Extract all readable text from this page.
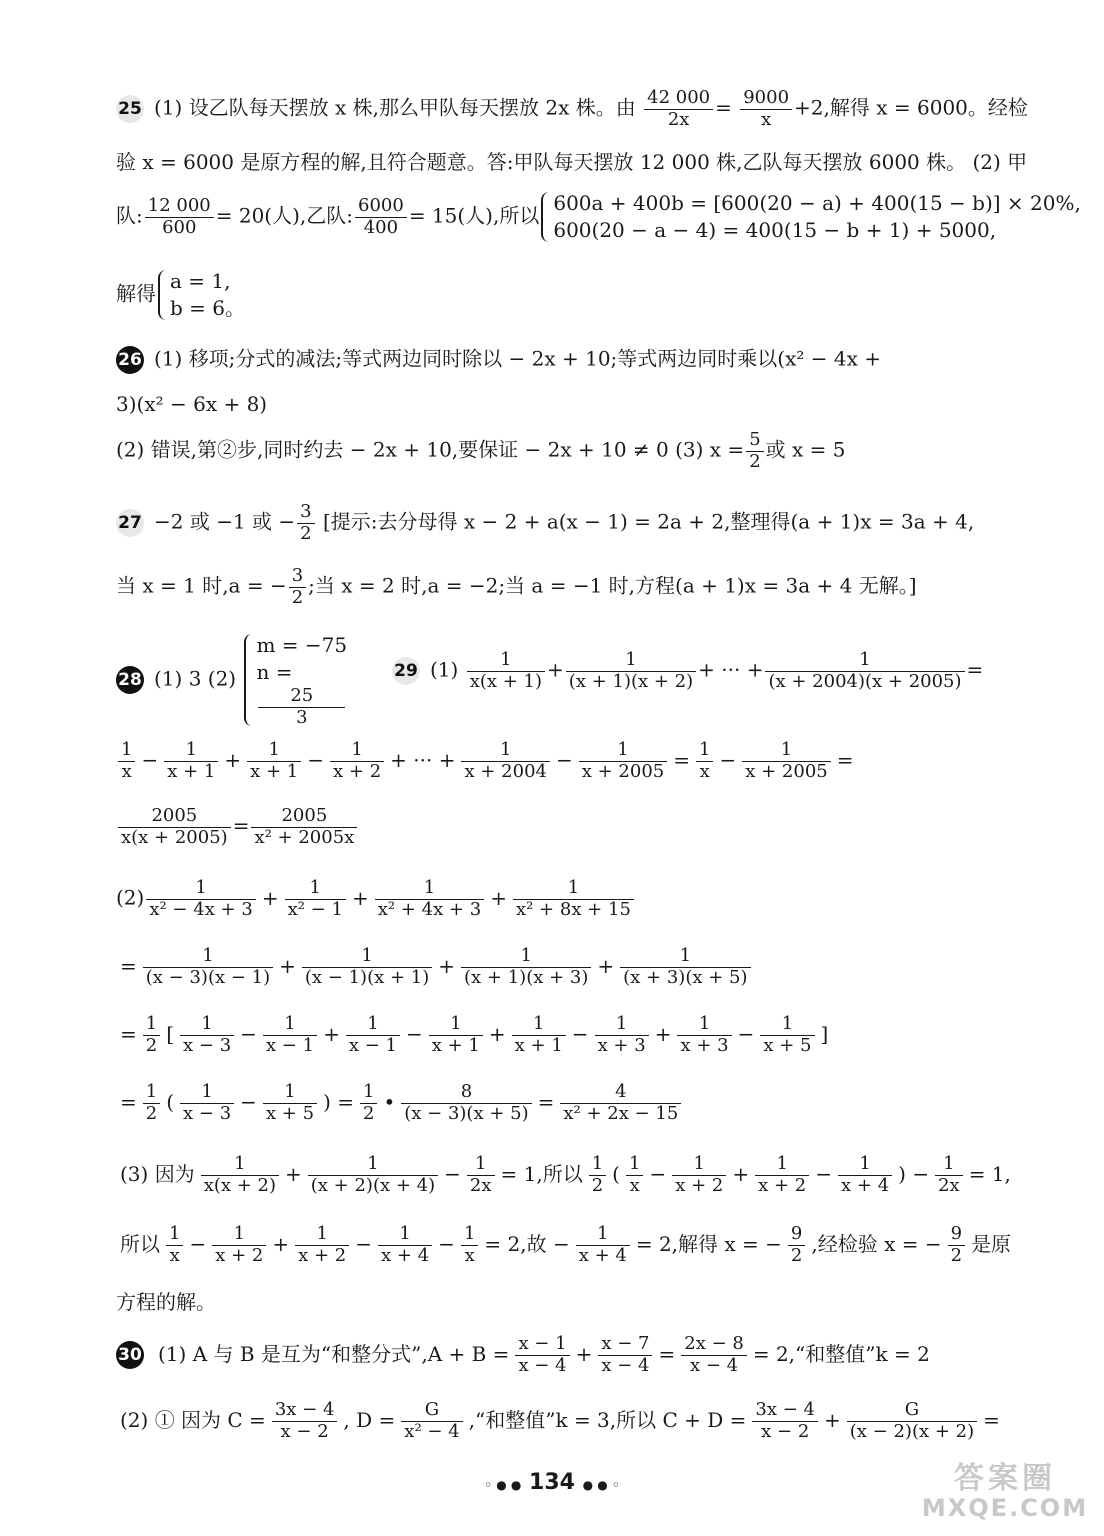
25 (1) 设乙队每天摆放 x 株,那么甲队每天摆放 2x 株。由 $\frac{42 000}{2x} = \frac{9000}{x} +2$,解得 x = 6000。经检
验 x = 6000 是原方程的解,且符合题意。答:甲队每天摆放 12 000 株,乙队每天摆放 6000 株。 (2) 甲
队: $\frac{12 000}{600} = 20$(人),乙队: $\frac{6000}{400} = 15$(人),所以
600a + 400b = [600(20 − a) + 400(15 − b)] × 20%,
600(20 − a − 4) = 400(15 − b + 1) + 5000,
解得
a = 1,
b = 6。
26 (1) 移项;分式的减法;等式两边同时除以 − 2x + 10;等式两边同时乘以(x² − 4x +
3)(x² − 6x + 8)
(2) 错误,第②步,同时约去 − 2x + 10,要保证 − 2x + 10 ≠ 0 (3) $x = \frac{5}{2}$ 或 x = 5
27 −2 或 −1 或 − $\frac{3}{2}$ [提示:去分母得 x − 2 + a(x − 1) = 2a + 2,整理得(a + 1)x = 3a + 4,
当 x = 1 时,a = − $\frac{3}{2}$ ;当 x = 2 时,a = −2;当 a = −1 时,方程(a + 1)x = 3a + 4 无解。]
28 (1) 3 (2)
m = −75
n =
25
3
29 $(1) \frac{1}{x(x + 1)} + \frac{1}{(x + 1)(x + 2)}$ + ··· + $\frac{1}{(x + 2004)(x + 2005)}$ =
$\frac{1}{x} - \frac{1}{x + 1} + \frac{1}{x + 1} - \frac{1}{x + 2}$ + ··· + $\frac{1}{x + 2004} - \frac{1}{x + 2005} = \frac{1}{x} - \frac{1}{x + 2005}$ =
$\frac{2005}{x(x + 2005)} = \frac{2005}{\text{x² + 2005x}}$
$(2) \frac{1}{\text{x² − 4x + 3}} + \frac{1}{\text{x² − 1}} + \frac{1}{\text{x² + 4x + 3}} + \frac{1}{\text{x² + 8x + 15}}$
= $\frac{1}{(x - 3)(x - 1)} + \frac{1}{(x - 1)(x + 1)} + \frac{1}{(x + 1)(x + 3)} + \frac{1}{(x + 3)(x + 5)}$
= $\frac{1}{2}$ [ $\frac{1}{x - 3} - \frac{1}{x - 1} + \frac{1}{x - 1} - \frac{1}{x + 1} + \frac{1}{x + 1} - \frac{1}{x + 3} + \frac{1}{x + 3} - \frac{1}{x + 5}$ ]
= $\frac{1}{2}$ ( $\frac{1}{x - 3} - \frac{1}{x + 5}$ ) = $\frac{1}{2}$ • $\frac{8}{(x - 3)(x + 5)} = \frac{4}{\text{x² + 2x − 15}}$
(3) 因为 $\frac{1}{x(x + 2)} + \frac{1}{(x + 2)(x + 4)} - \frac{1}{2x} = 1$,所以 $\frac{1}{2}$ ( $\frac{1}{x} - \frac{1}{x + 2} + \frac{1}{x + 2} - \frac{1}{x + 4}$ ) − $\frac{1}{2x} = 1$,
所以 $\frac{1}{x} - \frac{1}{x + 2} + \frac{1}{x + 2} - \frac{1}{x + 4} - \frac{1}{x} = 2$,故 − $\frac{1}{x + 4} = 2$,解得 x = − $\frac{9}{2}$ ,经检验 x = − $\frac{9}{2}$ 是原
方程的解。
30 (1) A 与 B 是互为“和整分式”,A + $B = \frac{x - 1}{x - 4} + \frac{x - 7}{x - 4} = \frac{2x - 8}{x - 4}$ = 2,“和整值”k = 2
(2) ① 因为 $C = \frac{3x - 4}{x - 2}$ , $D = \frac{G}{\text{x² − 4}}$ ,“和整值”k = 3,所以 $C + D = \frac{3x - 4}{x - 2} + \frac{G}{(x - 2)(x + 2)}$ =
◦ ● ● 134 ● ● ◦	答案圈
MXQE.COM
